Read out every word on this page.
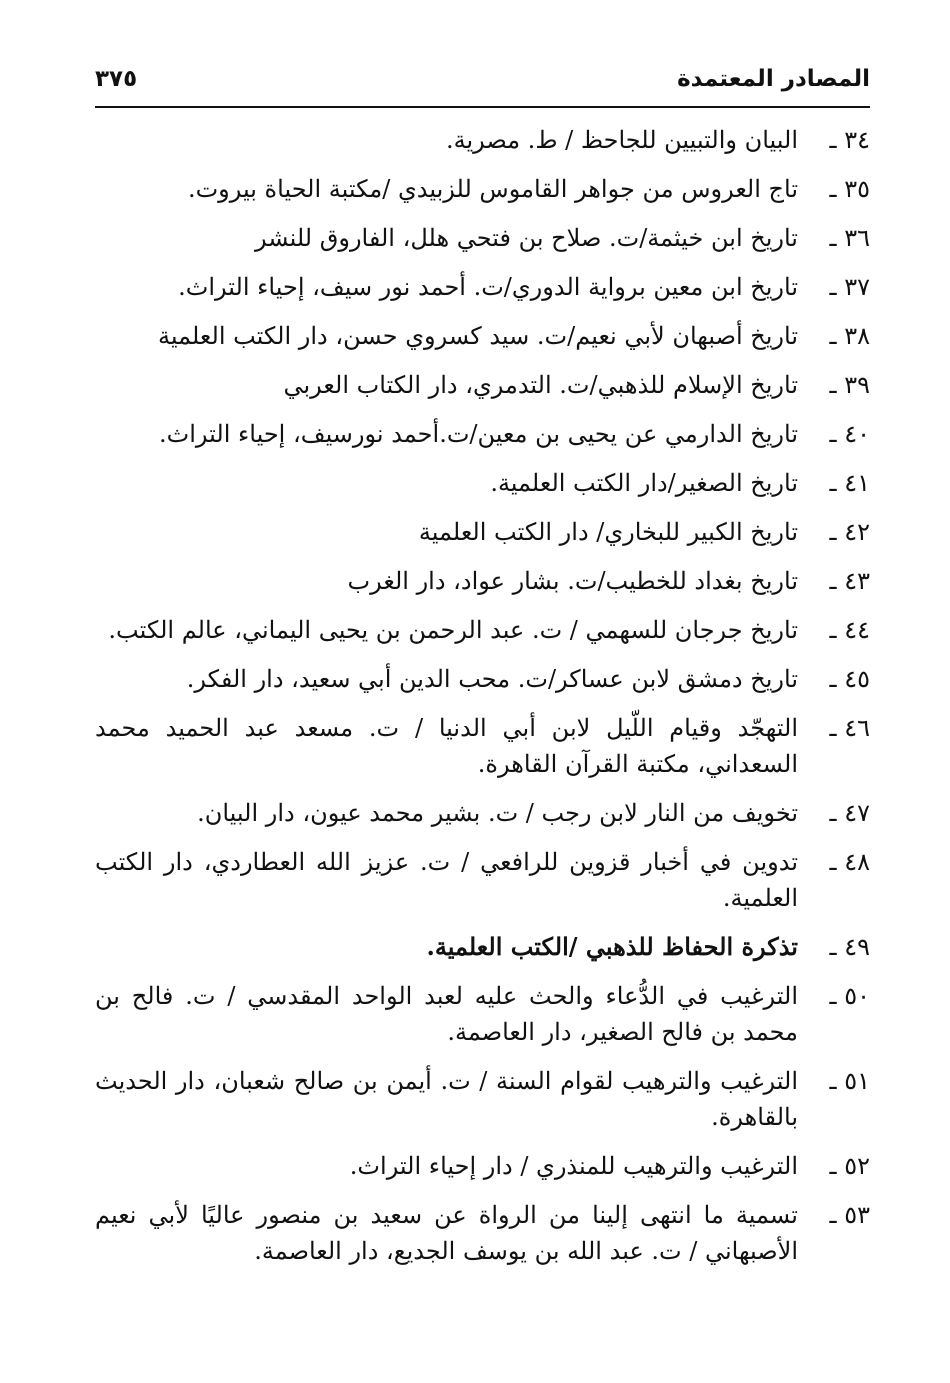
المصادر المعتمدة
٣٧٥
٣٤ ـ
البيان والتبيين للجاحظ / ط. مصرية.
٣٥ ـ
تاج العروس من جواهر القاموس للزبيدي /مكتبة الحياة بيروت.
٣٦ ـ
تاريخ ابن خيثمة/ت. صلاح بن فتحي هلل، الفاروق للنشر
٣٧ ـ
تاريخ ابن معين برواية الدوري/ت. أحمد نور سيف، إحياء التراث.
٣٨ ـ
تاريخ أصبهان لأبي نعيم/ت. سيد كسروي حسن، دار الكتب العلمية
٣٩ ـ
تاريخ الإسلام للذهبي/ت. التدمري، دار الكتاب العربي
٤٠ ـ
تاريخ الدارمي عن يحيى بن معين/ت.أحمد نورسيف، إحياء التراث.
٤١ ـ
تاريخ الصغير/دار الكتب العلمية.
٤٢ ـ
تاريخ الكبير للبخاري/ دار الكتب العلمية
٤٣ ـ
تاريخ بغداد للخطيب/ت. بشار عواد، دار الغرب
٤٤ ـ
تاريخ جرجان للسهمي / ت. عبد الرحمن بن يحيى اليماني، عالم الكتب.
٤٥ ـ
تاريخ دمشق لابن عساكر/ت. محب الدين أبي سعيد، دار الفكر.
٤٦ ـ
التهجّد وقيام اللّيل لابن أبي الدنيا / ت. مسعد عبد الحميد محمد السعداني، مكتبة القرآن القاهرة.
٤٧ ـ
تخويف من النار لابن رجب / ت. بشير محمد عيون، دار البيان.
٤٨ ـ
تدوين في أخبار قزوين للرافعي / ت. عزيز الله العطاردي، دار الكتب العلمية.
٤٩ ـ
تذكرة الحفاظ للذهبي /الكتب العلمية.
٥٠ ـ
الترغيب في الدُّعاء والحث عليه لعبد الواحد المقدسي / ت. فالح بن محمد بن فالح الصغير، دار العاصمة.
٥١ ـ
الترغيب والترهيب لقوام السنة / ت. أيمن بن صالح شعبان، دار الحديث بالقاهرة.
٥٢ ـ
الترغيب والترهيب للمنذري / دار إحياء التراث.
٥٣ ـ
تسمية ما انتهى إلينا من الرواة عن سعيد بن منصور عاليًا لأبي نعيم الأصبهاني / ت. عبد الله بن يوسف الجديع، دار العاصمة.
